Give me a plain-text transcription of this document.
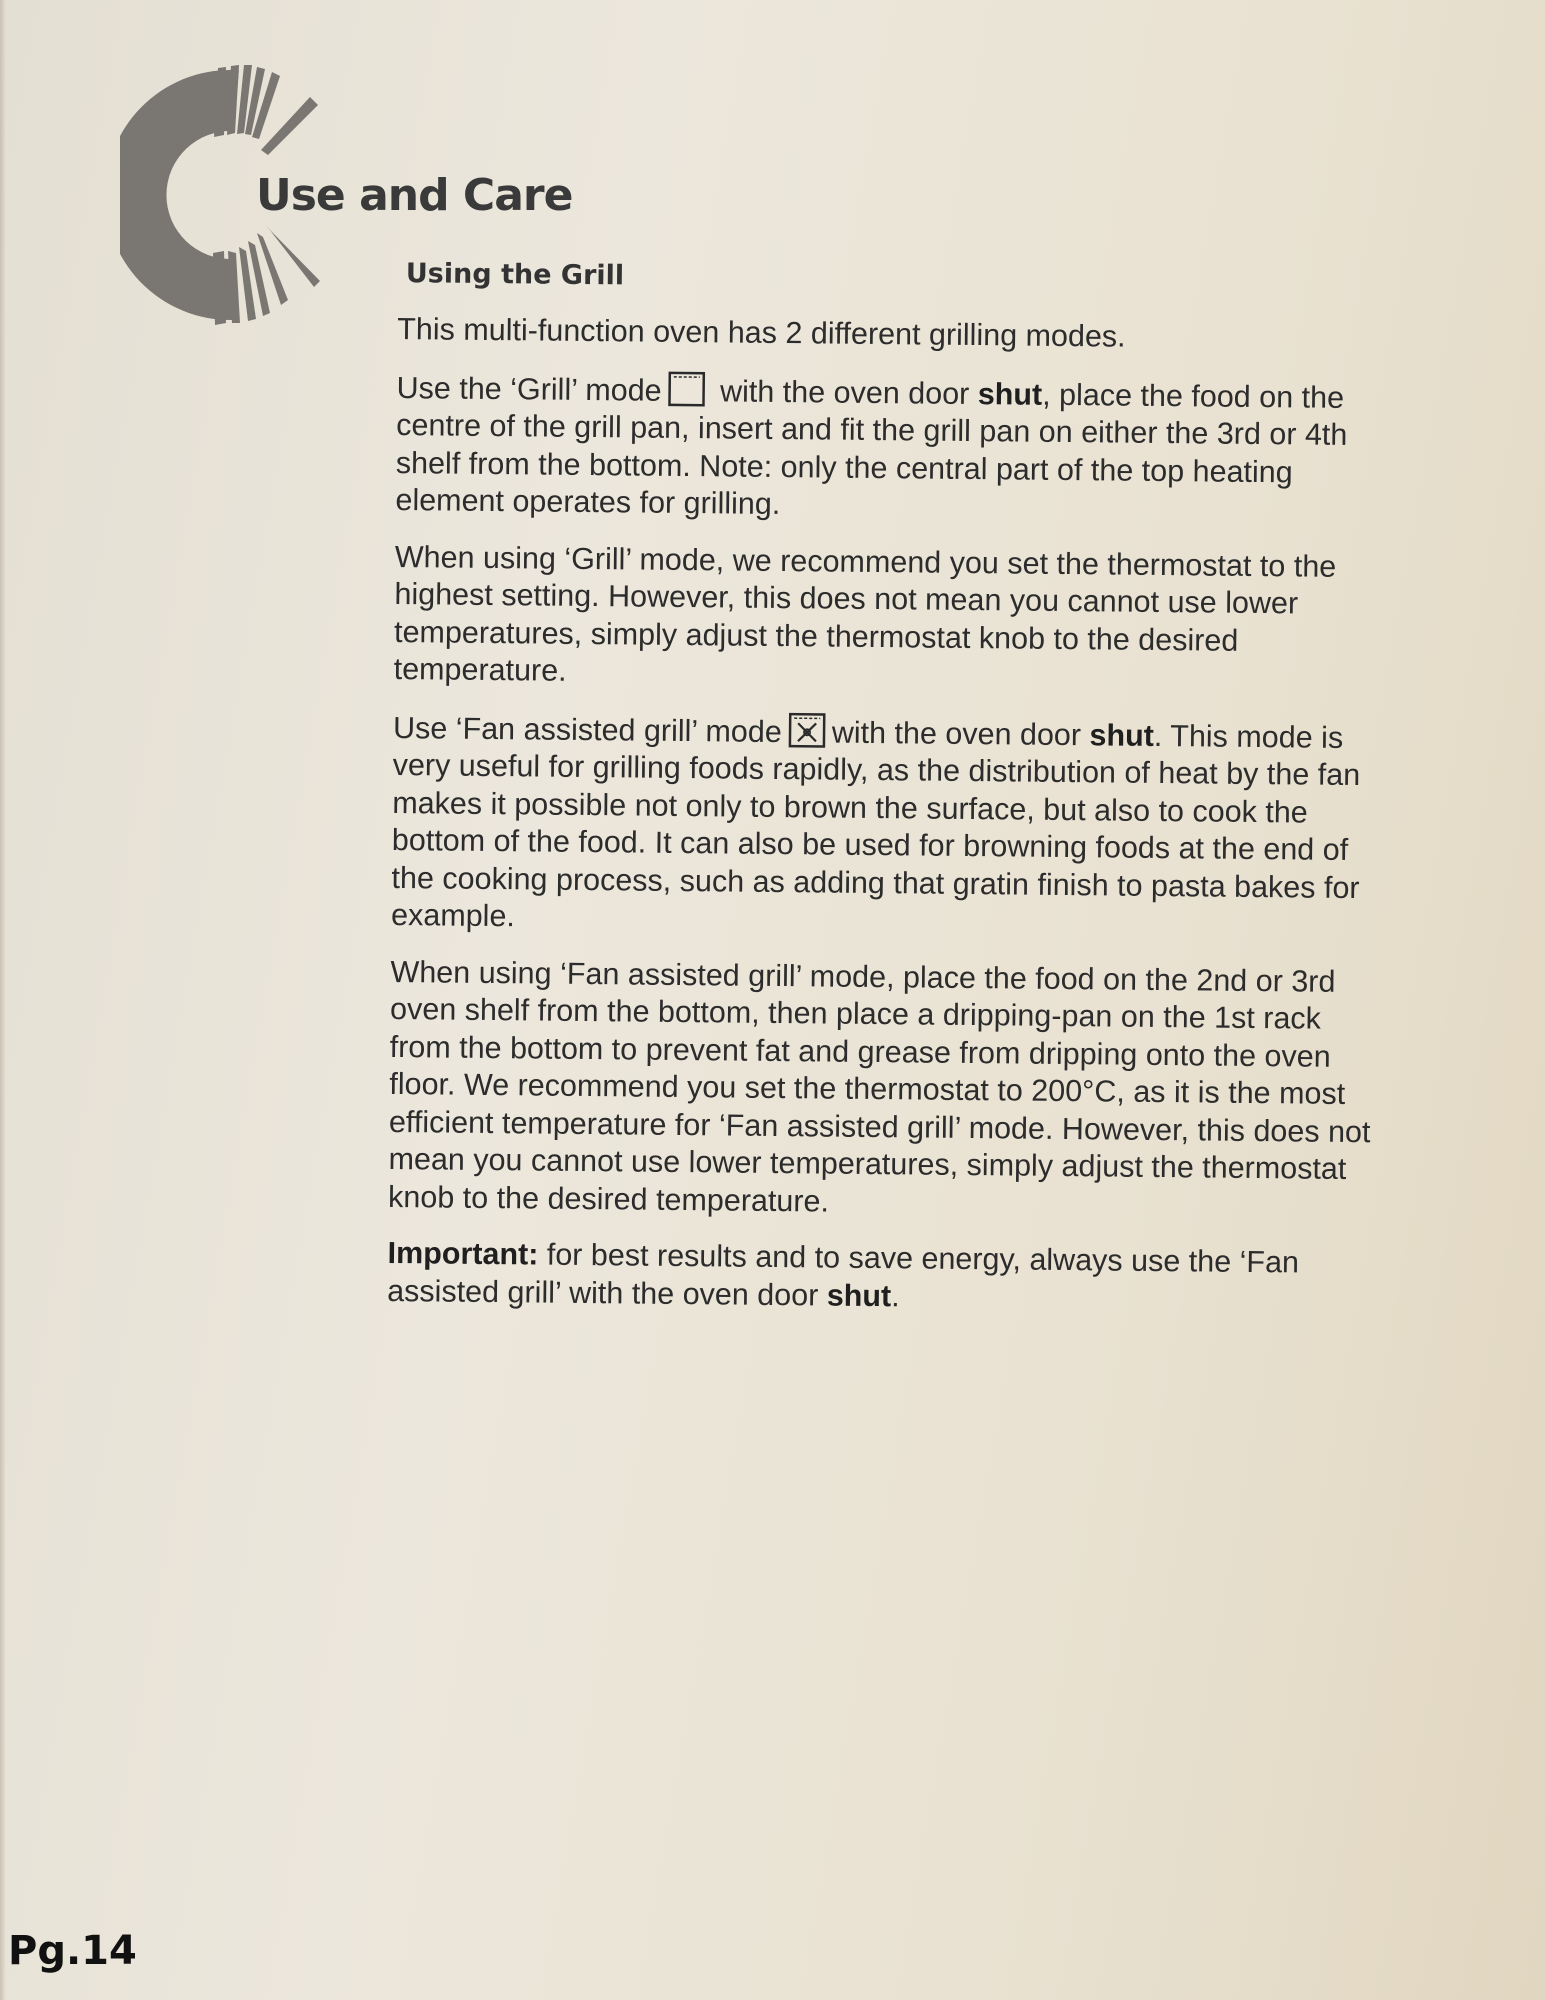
Use and Care
Using the Grill

This multi-function oven has 2 different grilling modes.

Use the ‘Grill’ mode with the oven door shut, place the food on the centre of the grill pan, insert and fit the grill pan on either the 3rd or 4th shelf from the bottom. Note: only the central part of the top heating element operates for grilling.

When using ‘Grill’ mode, we recommend you set the thermostat to the highest setting. However, this does not mean you cannot use lower temperatures, simply adjust the thermostat knob to the desired temperature.

Use ‘Fan assisted grill’ mode with the oven door shut. This mode is very useful for grilling foods rapidly, as the distribution of heat by the fan makes it possible not only to brown the surface, but also to cook the bottom of the food. It can also be used for browning foods at the end of the cooking process, such as adding that gratin finish to pasta bakes for example.

When using ‘Fan assisted grill’ mode, place the food on the 2nd or 3rd oven shelf from the bottom, then place a dripping-pan on the 1st rack from the bottom to prevent fat and grease from dripping onto the oven floor. We recommend you set the thermostat to 200°C, as it is the most efficient temperature for ‘Fan assisted grill’ mode. However, this does not mean you cannot use lower temperatures, simply adjust the thermostat knob to the desired temperature.

Important: for best results and to save energy, always use the ‘Fan assisted grill’ with the oven door shut.

Pg.14
